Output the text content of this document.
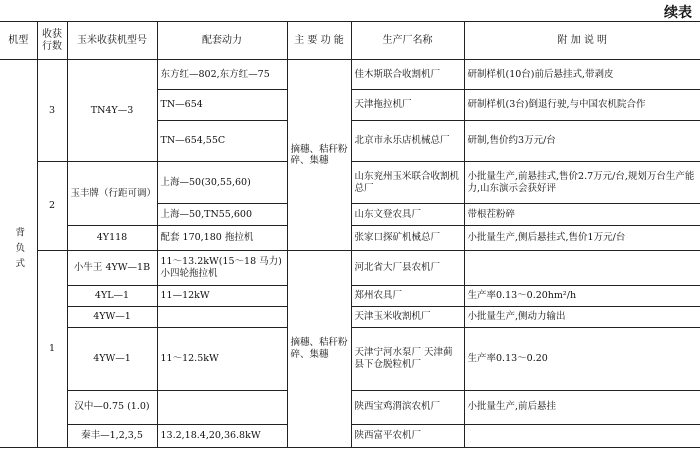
续表
机型	收获行数	玉米收获机型号	配套动力	主 要 功 能	生产厂名称	附 加 说 明
背负式	3	TN4Y—3	东方红—802,东方红—75	摘穗、秸秆粉碎、集穗	佳木斯联合收割机厂	研制样机(10台)前后悬挂式,带剥皮
			TN—654		天津拖拉机厂	研制样机(3台)倒退行驶,与中国农机院合作
			TN—654,55C		北京市永乐店机械总厂	研制,售价约3万元/台
	2	玉丰牌（行距可调）	上海—50(30,55,60)		山东兖州玉米联合收割机总厂	小批量生产,前悬挂式,售价2.7万元/台,规划万台生产能力,山东演示会获好评
			上海—50,TN55,600		山东文登农具厂	带根茬粉碎
		4Y118	配套 170,180 拖拉机		张家口探矿机械总厂	小批量生产,侧后悬挂式,售价1万元/台
	1	小牛王 4YW—1B	11～13.2kW(15～18 马力)小四轮拖拉机	摘穗、秸秆粉碎、集穗	河北省大厂县农机厂	
		4YL—1	11—12kW		郑州农具厂	生产率0.13～0.20hm²/h
		4YW—1			天津玉米收割机厂	小批量生产,侧动力输出
		4YW—1	11～12.5kW		天津宁河水泵厂 天津蓟县下仓脱粒机厂	生产率0.13～0.20
		汉中—0.75 (1.0)			陕西宝鸡渭滨农机厂	小批量生产,前后悬挂
		秦丰—1,2,3,5	13.2,18.4,20,36.8kW		陕西富平农机厂	
